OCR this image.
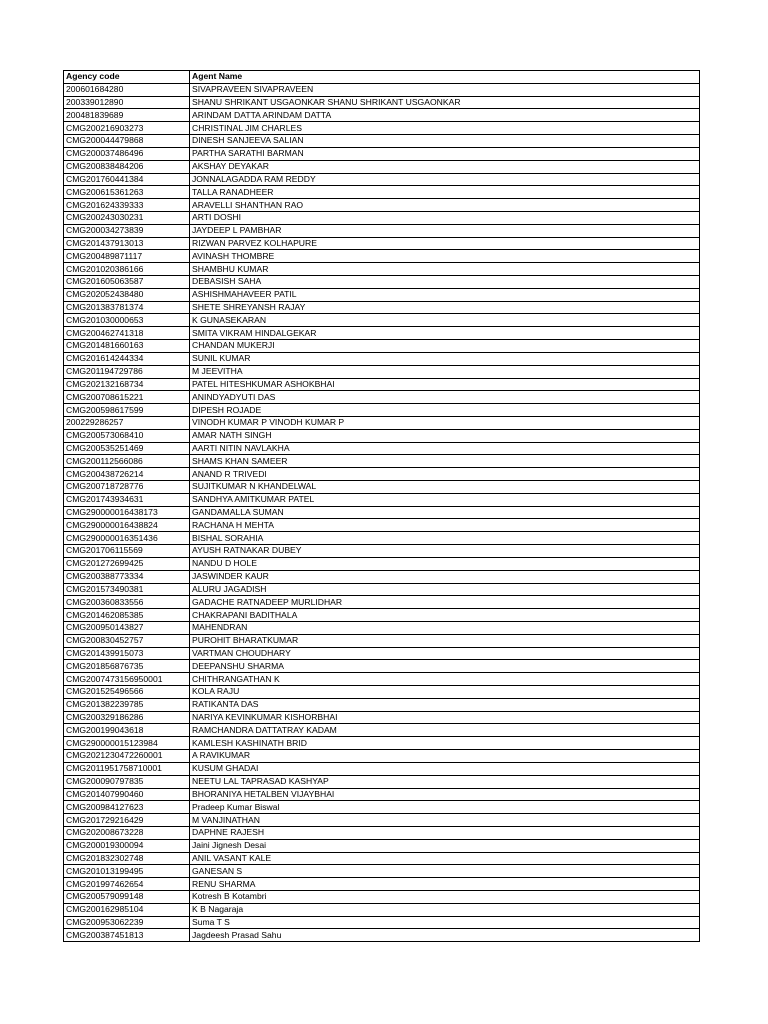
Agency code	Agent Name
200601684280	SIVAPRAVEEN SIVAPRAVEEN
200339012890	SHANU SHRIKANT USGAONKAR SHANU SHRIKANT USGAONKAR
200481839689	ARINDAM DATTA ARINDAM DATTA
CMG200216903273	CHRISTINAL JIM CHARLES
CMG200044479868	DINESH SANJEEVA SALIAN
CMG200037486496	PARTHA SARATHI BARMAN
CMG200838484206	AKSHAY DEYAKAR
CMG201760441384	JONNALAGADDA RAM REDDY
CMG200615361263	TALLA RANADHEER
CMG201624339333	ARAVELLI SHANTHAN RAO
CMG200243030231	ARTI DOSHI
CMG200034273839	JAYDEEP L PAMBHAR
CMG201437913013	RIZWAN PARVEZ KOLHAPURE
CMG200489871117	AVINASH THOMBRE
CMG201020386166	SHAMBHU KUMAR
CMG201605063587	DEBASISH SAHA
CMG202052438480	ASHISHMAHAVEER PATIL
CMG201383781374	SHETE SHREYANSH RAJAY
CMG201030000653	K GUNASEKARAN
CMG200462741318	SMITA VIKRAM HINDALGEKAR
CMG201481660163	CHANDAN MUKERJI
CMG201614244334	SUNIL KUMAR
CMG201194729786	M JEEVITHA
CMG202132168734	PATEL HITESHKUMAR ASHOKBHAI
CMG200708615221	ANINDYADYUTI DAS
CMG200598617599	DIPESH ROJADE
200229286257	VINODH KUMAR P VINODH KUMAR P
CMG200573068410	AMAR NATH SINGH
CMG200535251469	AARTI NITIN NAVLAKHA
CMG200112566086	SHAMS KHAN SAMEER
CMG200438726214	ANAND R TRIVEDI
CMG200718728776	SUJITKUMAR N KHANDELWAL
CMG201743934631	SANDHYA AMITKUMAR PATEL
CMG290000016438173	GANDAMALLA SUMAN
CMG290000016438824	RACHANA H MEHTA
CMG290000016351436	BISHAL SORAHIA
CMG201706115569	AYUSH RATNAKAR DUBEY
CMG201272699425	NANDU D HOLE
CMG200388773334	JASWINDER KAUR
CMG201573490381	ALURU JAGADISH
CMG200360833556	GADACHE RATNADEEP MURLIDHAR
CMG201462085385	CHAKRAPANI BADITHALA
CMG200950143827	MAHENDRAN
CMG200830452757	PUROHIT BHARATKUMAR
CMG201439915073	VARTMAN CHOUDHARY
CMG201856876735	DEEPANSHU SHARMA
CMG2007473156950001	CHITHRANGATHAN K
CMG201525496566	KOLA RAJU
CMG201382239785	RATIKANTA DAS
CMG200329186286	NARIYA KEVINKUMAR KISHORBHAI
CMG200199043618	RAMCHANDRA DATTATRAY KADAM
CMG290000015123984	KAMLESH KASHINATH BRID
CMG2021230472260001	A RAVIKUMAR
CMG2011951758710001	KUSUM GHADAI
CMG200090797835	NEETU LAL TAPRASAD KASHYAP
CMG201407990460	BHORANIYA HETALBEN VIJAYBHAI
CMG200984127623	Pradeep Kumar Biswal
CMG201729216429	M VANJINATHAN
CMG202008673228	DAPHNE RAJESH
CMG200019300094	Jaini Jignesh Desai
CMG201832302748	ANIL VASANT KALE
CMG201013199495	GANESAN S
CMG201997462654	RENU SHARMA
CMG200579099148	Kotresh B Kotambri
CMG200162985104	K B Nagaraja
CMG200953062239	Suma T S
CMG200387451813	Jagdeesh Prasad Sahu
